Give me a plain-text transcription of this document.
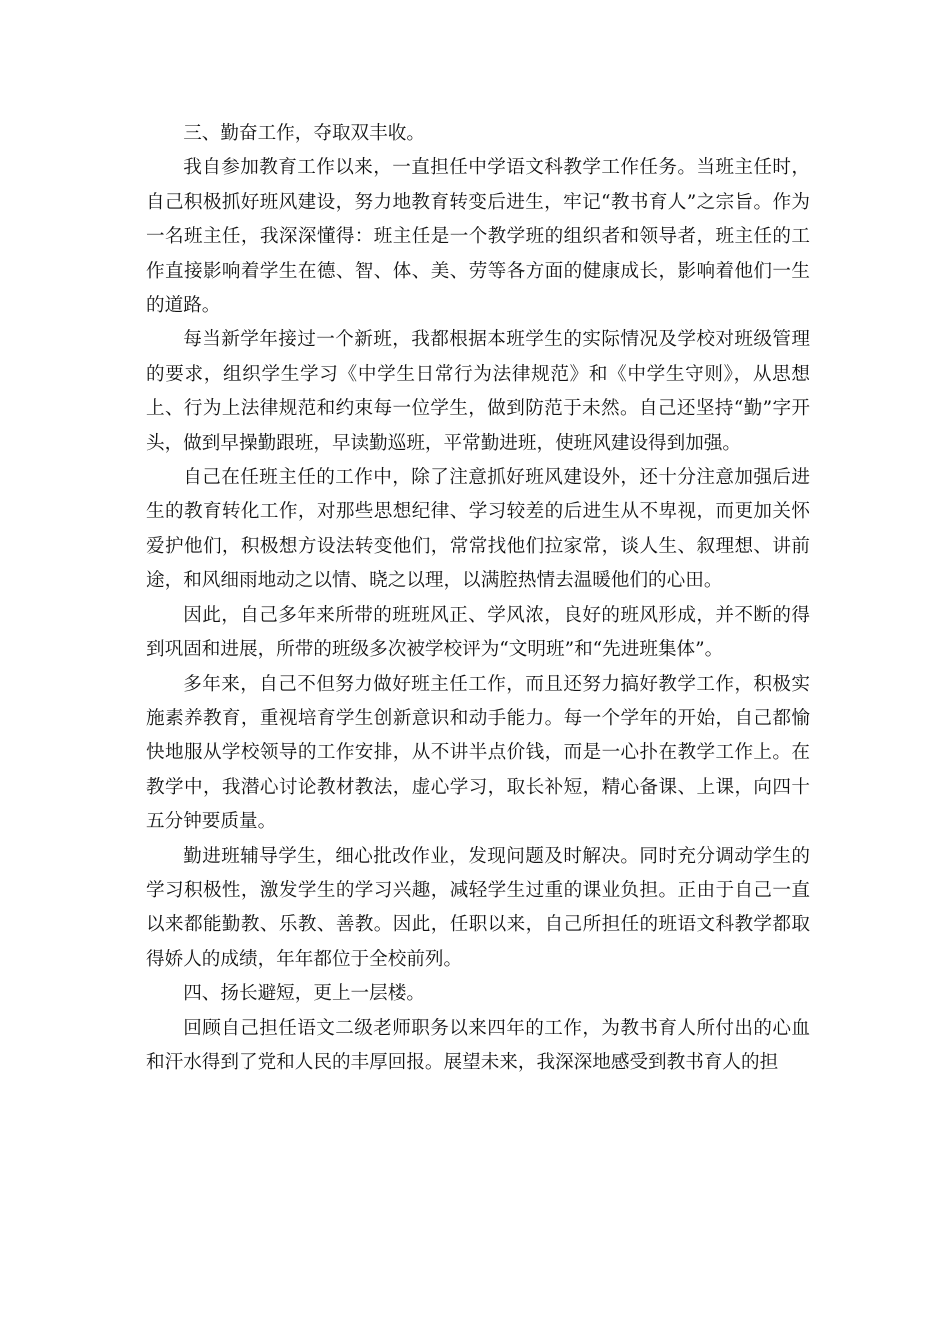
三、勤奋工作，夺取双丰收。

我自参加教育工作以来，一直担任中学语文科教学工作任务。当班主任时，自己积极抓好班风建设，努力地教育转变后进生，牢记“教书育人”之宗旨。作为一名班主任，我深深懂得：班主任是一个教学班的组织者和领导者，班主任的工作直接影响着学生在德、智、体、美、劳等各方面的健康成长，影响着他们一生的道路。

每当新学年接过一个新班，我都根据本班学生的实际情况及学校对班级管理的要求，组织学生学习《中学生日常行为法律规范》和《中学生守则》，从思想上、行为上法律规范和约束每一位学生，做到防范于未然。自己还坚持“勤”字开头，做到早操勤跟班，早读勤巡班，平常勤进班，使班风建设得到加强。

自己在任班主任的工作中，除了注意抓好班风建设外，还十分注意加强后进生的教育转化工作，对那些思想纪律、学习较差的后进生从不卑视，而更加关怀爱护他们，积极想方设法转变他们，常常找他们拉家常，谈人生、叙理想、讲前途，和风细雨地动之以情、晓之以理，以满腔热情去温暖他们的心田。

因此，自己多年来所带的班班风正、学风浓，良好的班风形成，并不断的得到巩固和进展，所带的班级多次被学校评为“文明班”和“先进班集体”。

多年来，自己不但努力做好班主任工作，而且还努力搞好教学工作，积极实施素养教育，重视培育学生创新意识和动手能力。每一个学年的开始，自己都愉快地服从学校领导的工作安排，从不讲半点价钱，而是一心扑在教学工作上。在教学中，我潜心讨论教材教法，虚心学习，取长补短，精心备课、上课，向四十五分钟要质量。

勤进班辅导学生，细心批改作业，发现问题及时解决。同时充分调动学生的学习积极性，激发学生的学习兴趣，减轻学生过重的课业负担。正由于自己一直以来都能勤教、乐教、善教。因此，任职以来，自己所担任的班语文科教学都取得娇人的成绩，年年都位于全校前列。

四、扬长避短，更上一层楼。

回顾自己担任语文二级老师职务以来四年的工作，为教书育人所付出的心血和汗水得到了党和人民的丰厚回报。展望未来，我深深地感受到教书育人的担
